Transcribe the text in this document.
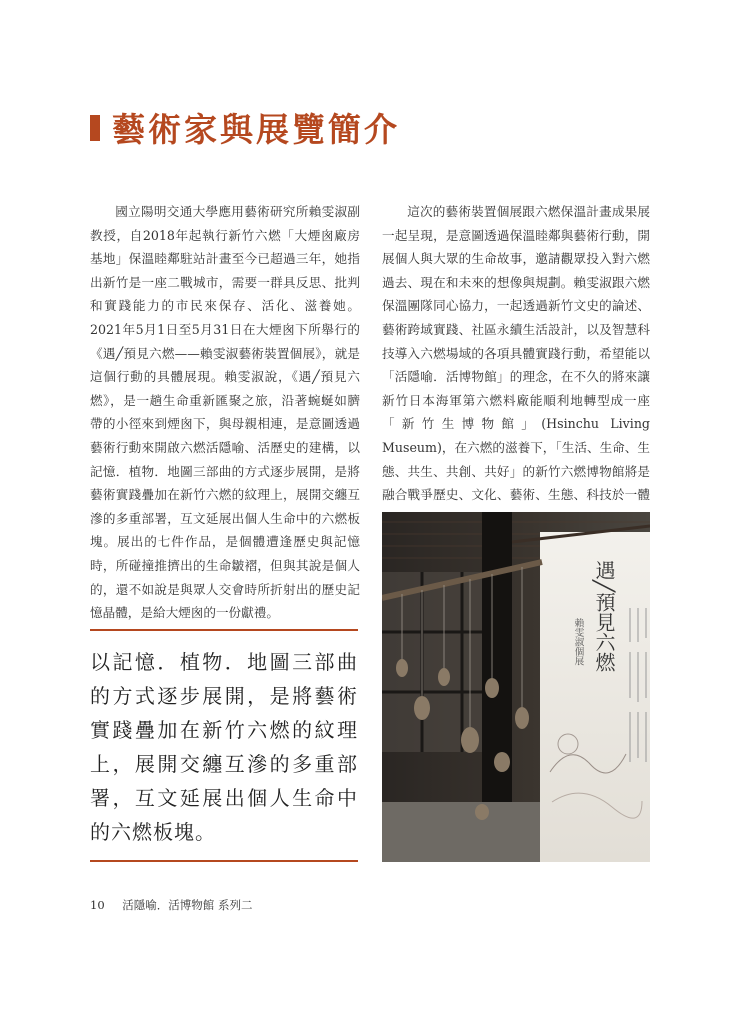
藝術家與展覽簡介

國立陽明交通大學應用藝術研究所賴雯淑副教授，自2018年起執行新竹六燃「大煙囪廠房基地」保溫睦鄰駐站計畫至今已超過三年，她指出新竹是一座二戰城市，需要一群具反思、批判和實踐能力的市民來保存、活化、滋養她。2021年5月1日至5月31日在大煙囪下所舉行的《遇╱預見六燃——賴雯淑藝術裝置個展》，就是這個行動的具體展現。賴雯淑說，《遇╱預見六燃》，是一趟生命重新匯聚之旅，沿著蜿蜒如臍帶的小徑來到煙囪下，與母親相連，是意圖透過藝術行動來開啟六燃活隱喻、活歷史的建構，以記憶．植物．地圖三部曲的方式逐步展開，是將藝術實踐疊加在新竹六燃的紋理上，展開交纏互滲的多重部署，互文延展出個人生命中的六燃板塊。展出的七件作品，是個體遭逢歷史與記憶時，所碰撞推擠出的生命皺褶，但與其說是個人的，還不如說是與眾人交會時所折射出的歷史記憶晶體，是給大煙囪的一份獻禮。

這次的藝術裝置個展跟六燃保溫計畫成果展一起呈現，是意圖透過保溫睦鄰與藝術行動，開展個人與大眾的生命故事，邀請觀眾投入對六燃過去、現在和未來的想像與規劃。賴雯淑跟六燃保溫團隊同心協力，一起透過新竹文史的論述、藝術跨域實踐、社區永續生活設計，以及智慧科技導入六燃場域的各項具體實踐行動，希望能以「活隱喻．活博物館」的理念，在不久的將來讓新竹日本海軍第六燃料廠能順利地轉型成一座「新竹生博物館」(Hsinchu Living Museum)，在六燃的滋養下，「生活、生命、生態、共生、共創、共好」的新竹六燃博物館將是融合戰爭歷史、文化、藝術、生態、科技於一體

以記憶．植物．地圖三部曲的方式逐步展開，是將藝術實踐疊加在新竹六燃的紋理上，展開交纏互滲的多重部署，互文延展出個人生命中的六燃板塊。
遇╱預見六燃
賴雯淑個展
10 活隱喻．活博物館 系列二
